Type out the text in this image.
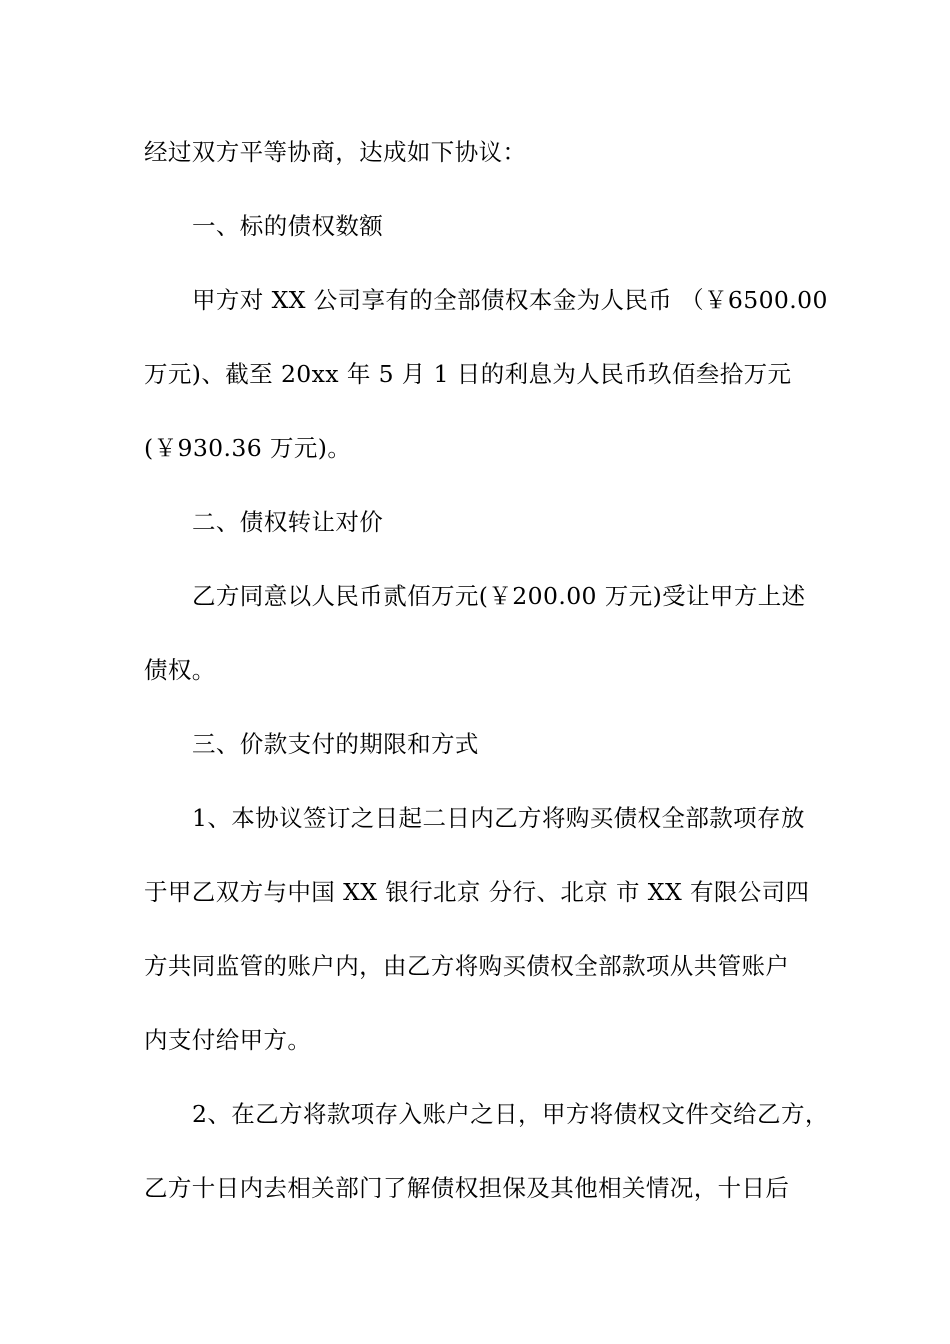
经过双方平等协商，达成如下协议：
一、标的债权数额
甲方对 XX 公司享有的全部债权本金为人民币 （￥6500.00
万元)、截至 20xx 年 5 月 1 日的利息为人民币玖佰叁拾万元
(￥930.36 万元)。
二、债权转让对价
乙方同意以人民币贰佰万元(￥200.00 万元)受让甲方上述
债权。
三、价款支付的期限和方式
1、本协议签订之日起二日内乙方将购买债权全部款项存放
于甲乙双方与中国 XX 银行北京 分行、北京 市 XX 有限公司四
方共同监管的账户内，由乙方将购买债权全部款项从共管账户
内支付给甲方。
2、在乙方将款项存入账户之日，甲方将债权文件交给乙方，
乙方十日内去相关部门了解债权担保及其他相关情况，十日后
